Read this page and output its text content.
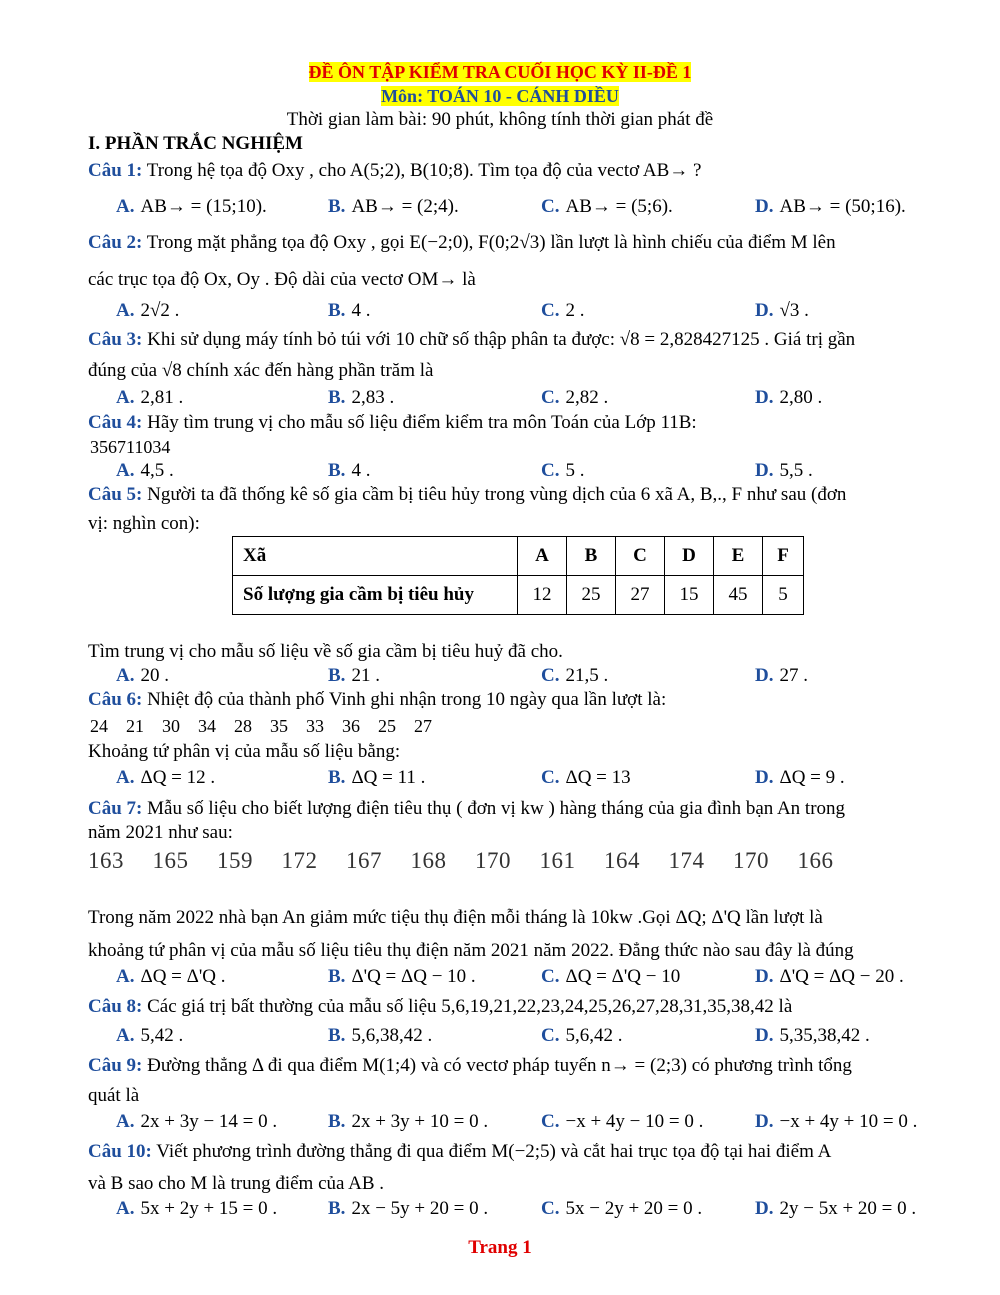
ĐỀ ÔN TẬP KIỂM TRA CUỐI HỌC KỲ II-ĐỀ 1
Môn: TOÁN 10 - CÁNH DIỀU
Thời gian làm bài: 90 phút, không tính thời gian phát đề
I. PHẦN TRẮC NGHIỆM
Câu 1: Trong hệ tọa độ Oxy , cho A(5;2), B(10;8). Tìm tọa độ của vectơ AB→ ?
A. AB→ = (15;10).	B. AB→ = (2;4).	C. AB→ = (5;6).	D. AB→ = (50;16).
Câu 2: Trong mặt phẳng tọa độ Oxy , gọi E(−2;0), F(0;2√3) lần lượt là hình chiếu của điểm M lên
các trục tọa độ Ox, Oy . Độ dài của vectơ OM→ là
A. 2√2 .	B. 4 .	C. 2 .	D. √3 .
Câu 3: Khi sử dụng máy tính bỏ túi với 10 chữ số thập phân ta được: √8 = 2,828427125 . Giá trị gần
đúng của √8 chính xác đến hàng phần trăm là
A. 2,81 .	B. 2,83 .	C. 2,82 .	D. 2,80 .
Câu 4: Hãy tìm trung vị cho mẫu số liệu điểm kiểm tra môn Toán của Lớp 11B:
356711034
A. 4,5 .	B. 4 .	C. 5 .	D. 5,5 .
Câu 5: Người ta đã thống kê số gia cầm bị tiêu hủy trong vùng dịch của 6 xã A, B,., F như sau (đơn
vị: nghìn con):
Xã	A	B	C	D	E	F
Số lượng gia cầm bị tiêu hủy	12	25	27	15	45	5
Tìm trung vị cho mẫu số liệu về số gia cầm bị tiêu huỷ đã cho.
A. 20 .	B. 21 .	C. 21,5 .	D. 27 .
Câu 6: Nhiệt độ của thành phố Vinh ghi nhận trong 10 ngày qua lần lượt là:
24    21    30    34    28    35    33    36    25    27
Khoảng tứ phân vị của mẫu số liệu bằng:
A. ΔQ = 12 .	B. ΔQ = 11 .	C. ΔQ = 13	D. ΔQ = 9 .
Câu 7: Mẫu số liệu cho biết lượng điện tiêu thụ ( đơn vị kw ) hàng tháng của gia đình bạn An trong
năm 2021 như sau:
163  165  159  172  167  168  170  161  164  174  170  166
Trong năm 2022 nhà bạn An giảm mức tiệu thụ điện mỗi tháng là 10kw .Gọi ΔQ; Δ'Q lần lượt là
khoảng tứ phân vị của mẫu số liệu tiêu thụ điện năm 2021 năm 2022. Đẳng thức nào sau đây là đúng
A. ΔQ = Δ'Q .	B. Δ'Q = ΔQ − 10 .	C. ΔQ = Δ'Q − 10	D. Δ'Q = ΔQ − 20 .
Câu 8: Các giá trị bất thường của mẫu số liệu 5,6,19,21,22,23,24,25,26,27,28,31,35,38,42 là
A. 5,42 .	B. 5,6,38,42 .	C. 5,6,42 .	D. 5,35,38,42 .
Câu 9: Đường thẳng Δ đi qua điểm M(1;4) và có vectơ pháp tuyến n→ = (2;3) có phương trình tổng
quát là
A. 2x + 3y − 14 = 0 .	B. 2x + 3y + 10 = 0 .	C. −x + 4y − 10 = 0 .	D. −x + 4y + 10 = 0 .
Câu 10: Viết phương trình đường thẳng đi qua điểm M(−2;5) và cắt hai trục tọa độ tại hai điểm A
và B sao cho M là trung điểm của AB .
A. 5x + 2y + 15 = 0 .	B. 2x − 5y + 20 = 0 .	C. 5x − 2y + 20 = 0 .	D. 2y − 5x + 20 = 0 .
Trang 1
